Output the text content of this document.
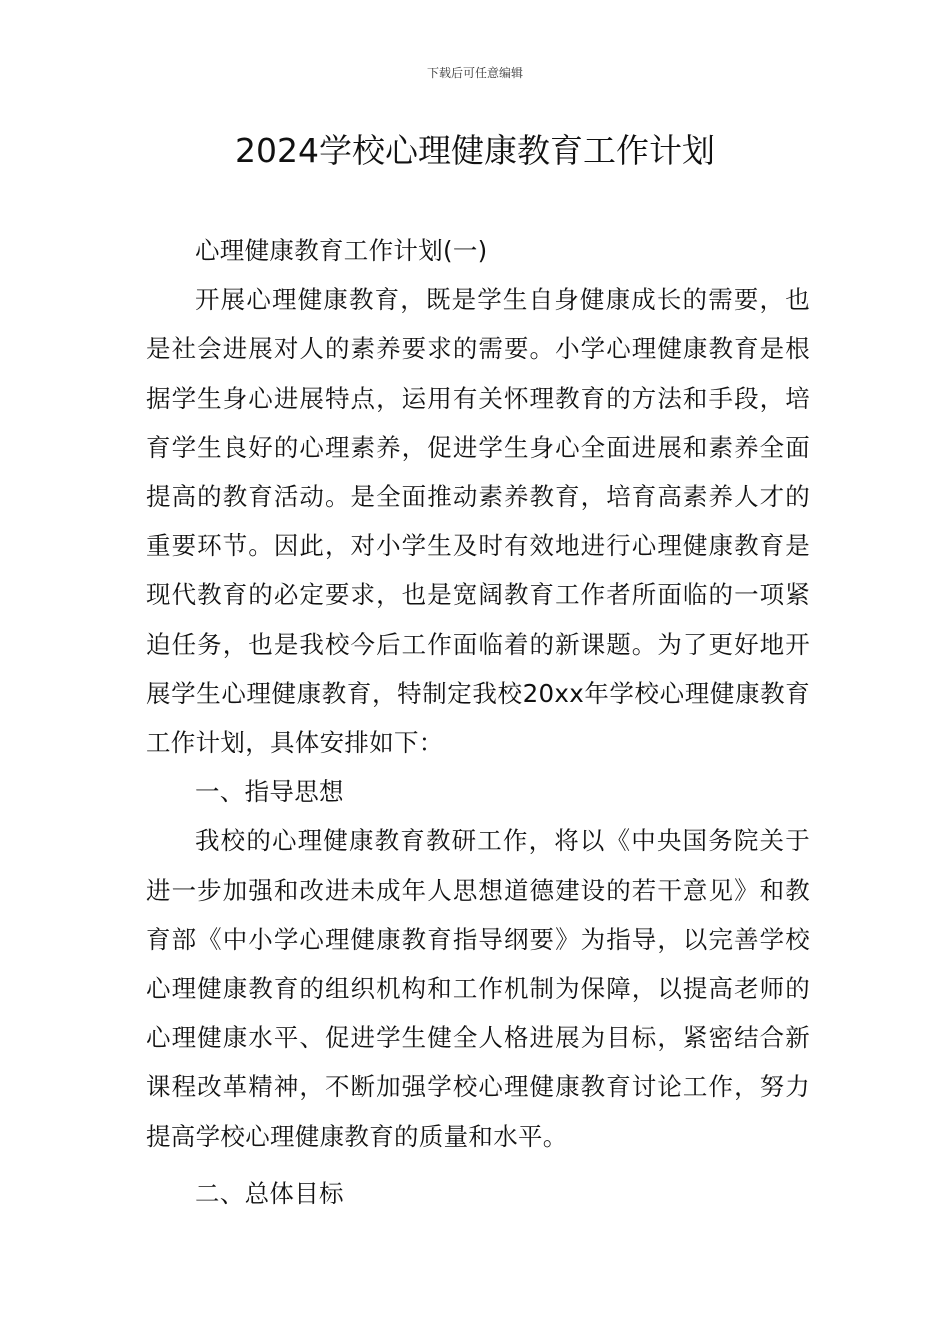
下载后可任意编辑
2024学校心理健康教育工作计划

心理健康教育工作计划(一)

开展心理健康教育，既是学生自身健康成长的需要，也是社会进展对人的素养要求的需要。小学心理健康教育是根据学生身心进展特点，运用有关怀理教育的方法和手段，培育学生良好的心理素养，促进学生身心全面进展和素养全面提高的教育活动。是全面推动素养教育，培育高素养人才的重要环节。因此，对小学生及时有效地进行心理健康教育是现代教育的必定要求，也是宽阔教育工作者所面临的一项紧迫任务，也是我校今后工作面临着的新课题。为了更好地开展学生心理健康教育，特制定我校20xx年学校心理健康教育工作计划，具体安排如下：

一、指导思想

我校的心理健康教育教研工作，将以《中央国务院关于进一步加强和改进未成年人思想道德建设的若干意见》和教育部《中小学心理健康教育指导纲要》为指导，以完善学校心理健康教育的组织机构和工作机制为保障，以提高老师的心理健康水平、促进学生健全人格进展为目标，紧密结合新课程改革精神，不断加强学校心理健康教育讨论工作，努力提高学校心理健康教育的质量和水平。

二、总体目标
